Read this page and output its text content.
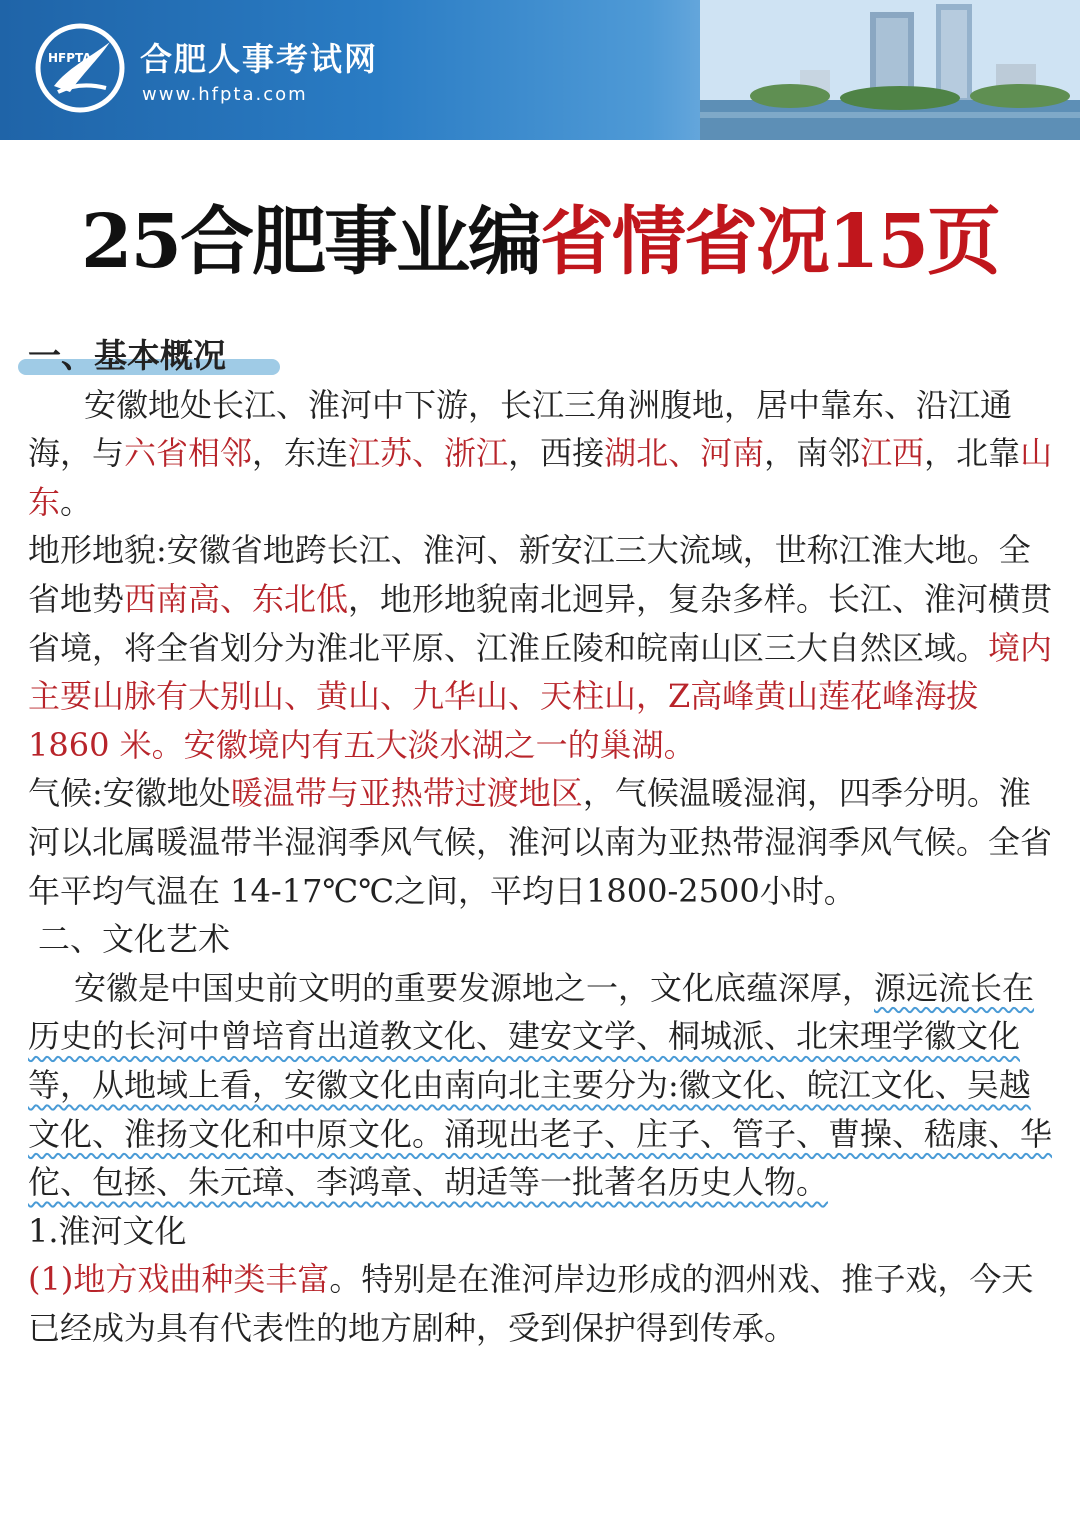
HFPTA 合肥人事考试网
www.hfpta.com
25合肥事业编省情省况15页

一、基本概况

安徽地处长江、淮河中下游，长江三角洲腹地，居中靠东、沿江通海，与六省相邻，东连江苏、浙江，西接湖北、河南，南邻江西，北靠山东。

地形地貌:安徽省地跨长江、淮河、新安江三大流域，世称江淮大地。全省地势西南高、东北低，地形地貌南北迥异，复杂多样。长江、淮河横贯省境，将全省划分为淮北平原、江淮丘陵和皖南山区三大自然区域。境内主要山脉有大别山、黄山、九华山、天柱山，Z高峰黄山莲花峰海拔 1860 米。安徽境内有五大淡水湖之一的巢湖。

气候:安徽地处暖温带与亚热带过渡地区，气候温暖湿润，四季分明。淮河以北属暖温带半湿润季风气候，淮河以南为亚热带湿润季风气候。全省年平均气温在 14-17℃℃之间，平均日1800-2500小时。

二、文化艺术

安徽是中国史前文明的重要发源地之一，文化底蕴深厚，源远流长在历史的长河中曾培育出道教文化、建安文学、桐城派、北宋理学徽文化等，从地域上看，安徽文化由南向北主要分为:徽文化、皖江文化、吴越文化、淮扬文化和中原文化。涌现出老子、庄子、管子、曹操、嵇康、华佗、包拯、朱元璋、李鸿章、胡适等一批著名历史人物。

1.淮河文化

(1)地方戏曲种类丰富。特别是在淮河岸边形成的泗州戏、推子戏，今天已经成为具有代表性的地方剧种，受到保护得到传承。
